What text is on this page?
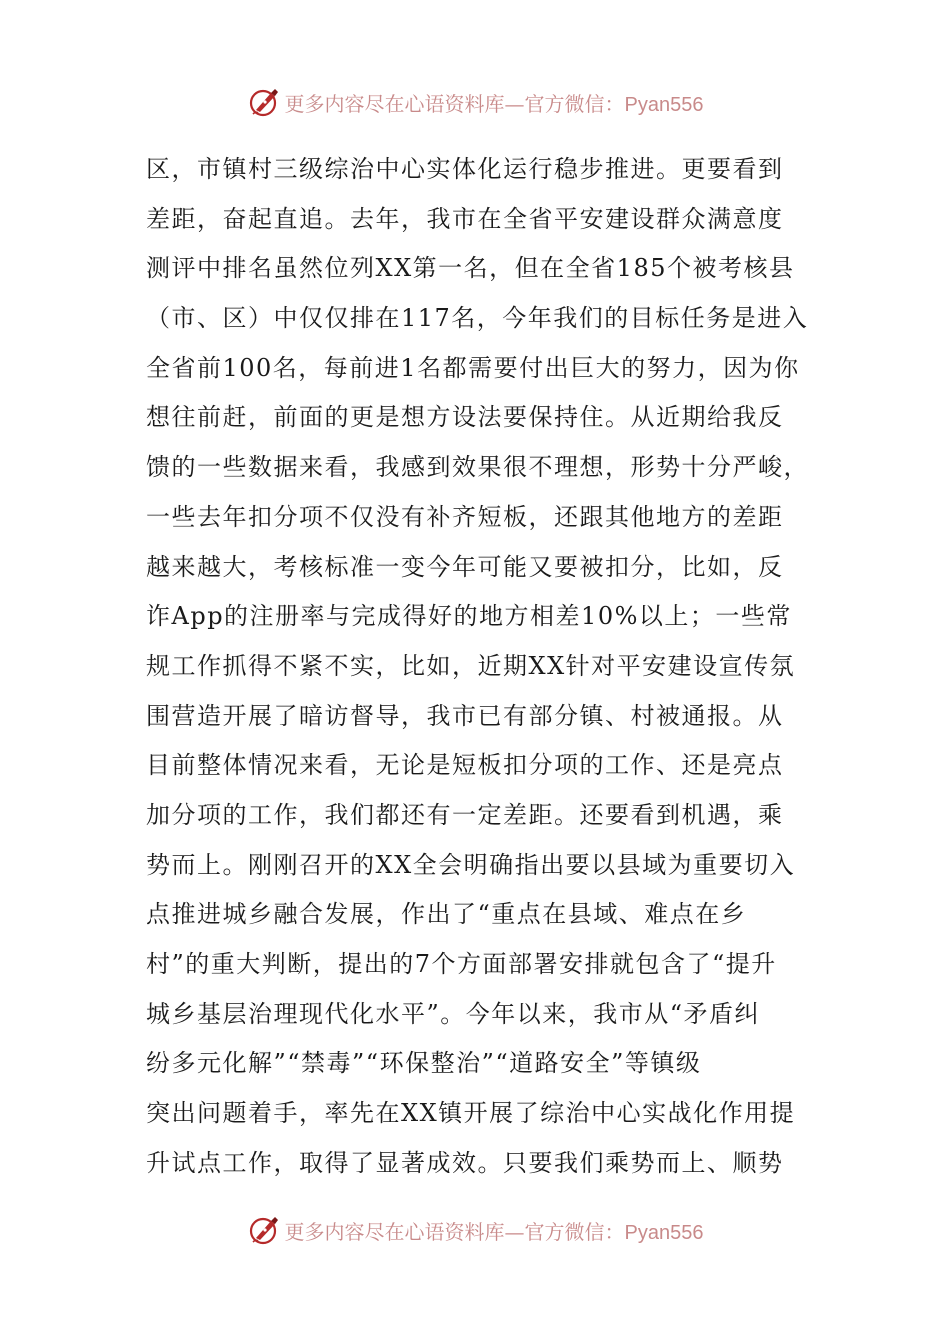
更多内容尽在心语资料库—官方微信：Pyan556
区，市镇村三级综治中心实体化运行稳步推进。更要看到
差距，奋起直追。去年，我市在全省平安建设群众满意度
测评中排名虽然位列XX第一名，但在全省185个被考核县
（市、区）中仅仅排在117名，今年我们的目标任务是进入
全省前100名，每前进1名都需要付出巨大的努力，因为你
想往前赶，前面的更是想方设法要保持住。从近期给我反
馈的一些数据来看，我感到效果很不理想，形势十分严峻，
一些去年扣分项不仅没有补齐短板，还跟其他地方的差距
越来越大，考核标准一变今年可能又要被扣分，比如，反
诈App的注册率与完成得好的地方相差10%以上；一些常
规工作抓得不紧不实，比如，近期XX针对平安建设宣传氛
围营造开展了暗访督导，我市已有部分镇、村被通报。从
目前整体情况来看，无论是短板扣分项的工作、还是亮点
加分项的工作，我们都还有一定差距。还要看到机遇，乘
势而上。刚刚召开的XX全会明确指出要以县域为重要切入
点推进城乡融合发展，作出了“重点在县域、难点在乡
村”的重大判断，提出的7个方面部署安排就包含了“提升
城乡基层治理现代化水平”。今年以来，我市从“矛盾纠
纷多元化解”“禁毒”“环保整治”“道路安全”等镇级
突出问题着手，率先在XX镇开展了综治中心实战化作用提
升试点工作，取得了显著成效。只要我们乘势而上、顺势
更多内容尽在心语资料库—官方微信：Pyan556
